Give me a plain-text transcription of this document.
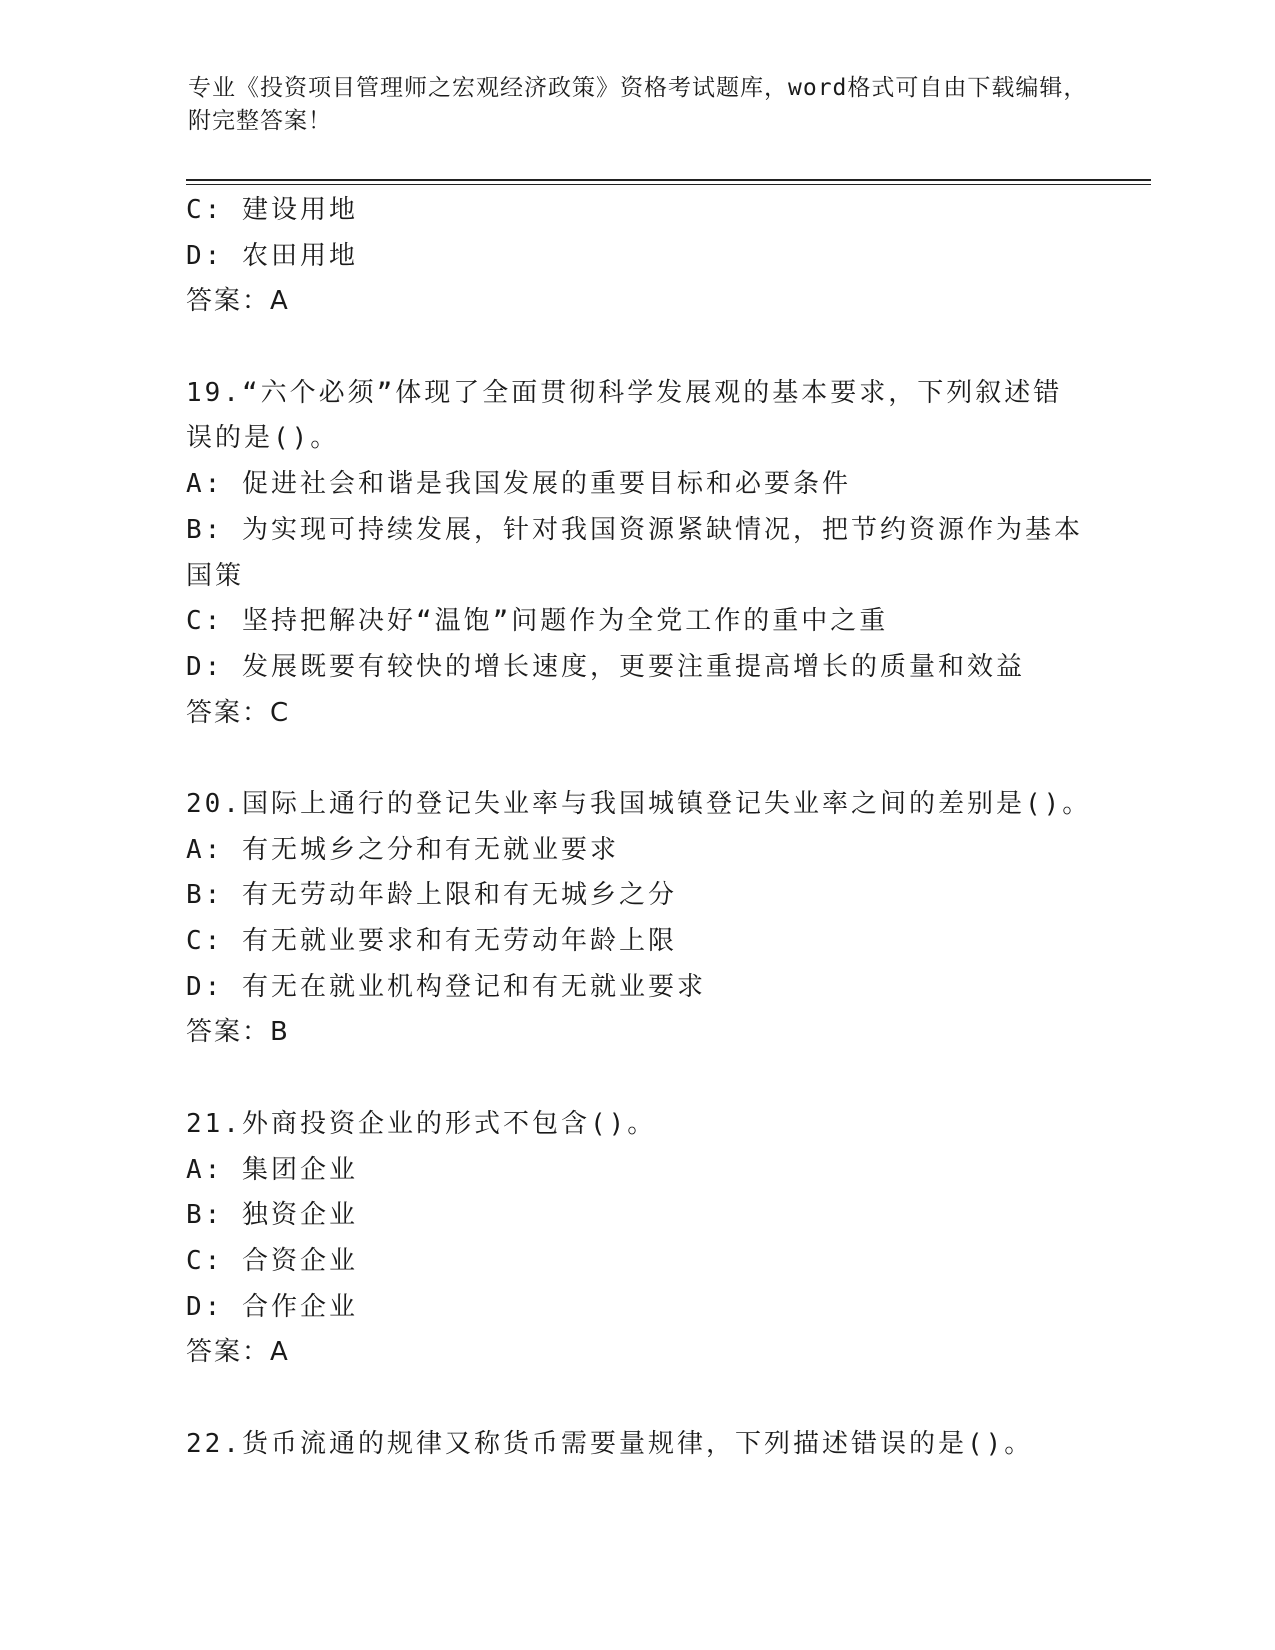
专业《投资项目管理师之宏观经济政策》资格考试题库，word格式可自由下载编辑，附完整答案！
C: 建设用地
D: 农田用地
答案：A
19.“六个必须”体现了全面贯彻科学发展观的基本要求，下列叙述错误的是()。
A: 促进社会和谐是我国发展的重要目标和必要条件
B: 为实现可持续发展，针对我国资源紧缺情况，把节约资源作为基本国策
C: 坚持把解决好“温饱”问题作为全党工作的重中之重
D: 发展既要有较快的增长速度，更要注重提高增长的质量和效益
答案：C
20.国际上通行的登记失业率与我国城镇登记失业率之间的差别是()。
A: 有无城乡之分和有无就业要求
B: 有无劳动年龄上限和有无城乡之分
C: 有无就业要求和有无劳动年龄上限
D: 有无在就业机构登记和有无就业要求
答案：B
21.外商投资企业的形式不包含()。
A: 集团企业
B: 独资企业
C: 合资企业
D: 合作企业
答案：A
22.货币流通的规律又称货币需要量规律，下列描述错误的是()。
